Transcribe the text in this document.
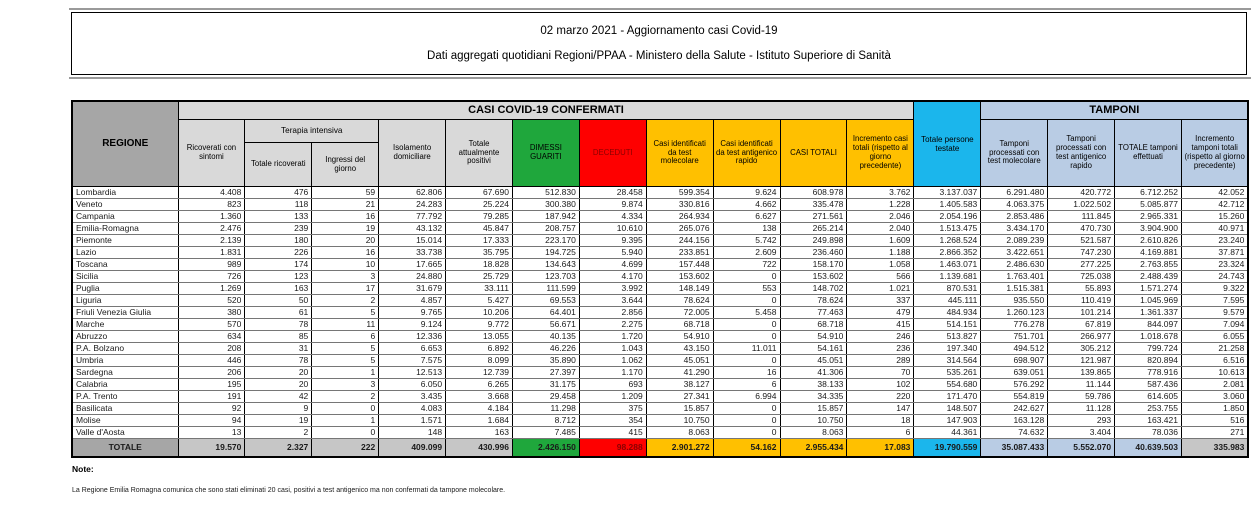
02 marzo 2021 - Aggiornamento casi Covid-19
Dati aggregati quotidiani Regioni/PPAA - Ministero della Salute - Istituto Superiore di Sanità
REGIONE	CASI COVID-19 CONFERMATI											Totale persone testate	TAMPONI			
	Ricoverati con sintomi	Terapia intensiva		Isolamento domiciliare	Totale attualmente positivi	DIMESSI GUARITI	DECEDUTI	Casi identificati da test molecolare	Casi identificati da test antigenico rapido	CASI TOTALI	Incremento casi totali (rispetto al giorno precedente)		Tamponi processati con test molecolare	Tamponi processati con test antigenico rapido	TOTALE tamponi effettuati	Incremento tamponi totali (rispetto al giorno precedente)
		Totale ricoverati	Ingressi del giorno													
Lombardia	4.408	476	59	62.806	67.690	512.830	28.458	599.354	9.624	608.978	3.762	3.137.037	6.291.480	420.772	6.712.252	42.052
Veneto	823	118	21	24.283	25.224	300.380	9.874	330.816	4.662	335.478	1.228	1.405.583	4.063.375	1.022.502	5.085.877	42.712
Campania	1.360	133	16	77.792	79.285	187.942	4.334	264.934	6.627	271.561	2.046	2.054.196	2.853.486	111.845	2.965.331	15.260
Emilia-Romagna	2.476	239	19	43.132	45.847	208.757	10.610	265.076	138	265.214	2.040	1.513.475	3.434.170	470.730	3.904.900	40.971
Piemonte	2.139	180	20	15.014	17.333	223.170	9.395	244.156	5.742	249.898	1.609	1.268.524	2.089.239	521.587	2.610.826	23.240
Lazio	1.831	226	16	33.738	35.795	194.725	5.940	233.851	2.609	236.460	1.188	2.866.352	3.422.651	747.230	4.169.881	37.871
Toscana	989	174	10	17.665	18.828	134.643	4.699	157.448	722	158.170	1.058	1.463.071	2.486.630	277.225	2.763.855	23.324
Sicilia	726	123	3	24.880	25.729	123.703	4.170	153.602	0	153.602	566	1.139.681	1.763.401	725.038	2.488.439	24.743
Puglia	1.269	163	17	31.679	33.111	111.599	3.992	148.149	553	148.702	1.021	870.531	1.515.381	55.893	1.571.274	9.322
Liguria	520	50	2	4.857	5.427	69.553	3.644	78.624	0	78.624	337	445.111	935.550	110.419	1.045.969	7.595
Friuli Venezia Giulia	380	61	5	9.765	10.206	64.401	2.856	72.005	5.458	77.463	479	484.934	1.260.123	101.214	1.361.337	9.579
Marche	570	78	11	9.124	9.772	56.671	2.275	68.718	0	68.718	415	514.151	776.278	67.819	844.097	7.094
Abruzzo	634	85	6	12.336	13.055	40.135	1.720	54.910	0	54.910	246	513.827	751.701	266.977	1.018.678	6.055
P.A. Bolzano	208	31	5	6.653	6.892	46.226	1.043	43.150	11.011	54.161	236	197.340	494.512	305.212	799.724	21.258
Umbria	446	78	5	7.575	8.099	35.890	1.062	45.051	0	45.051	289	314.564	698.907	121.987	820.894	6.516
Sardegna	206	20	1	12.513	12.739	27.397	1.170	41.290	16	41.306	70	535.261	639.051	139.865	778.916	10.613
Calabria	195	20	3	6.050	6.265	31.175	693	38.127	6	38.133	102	554.680	576.292	11.144	587.436	2.081
P.A. Trento	191	42	2	3.435	3.668	29.458	1.209	27.341	6.994	34.335	220	171.470	554.819	59.786	614.605	3.060
Basilicata	92	9	0	4.083	4.184	11.298	375	15.857	0	15.857	147	148.507	242.627	11.128	253.755	1.850
Molise	94	19	1	1.571	1.684	8.712	354	10.750	0	10.750	18	147.903	163.128	293	163.421	516
Valle d'Aosta	13	2	0	148	163	7.485	415	8.063	0	8.063	6	44.361	74.632	3.404	78.036	271
TOTALE	19.570	2.327	222	409.099	430.996	2.426.150	98.288	2.901.272	54.162	2.955.434	17.083	19.790.559	35.087.433	5.552.070	40.639.503	335.983
Note:
La Regione Emilia Romagna comunica che sono stati eliminati 20 casi, positivi a test antigenico ma non confermati da tampone molecolare.
